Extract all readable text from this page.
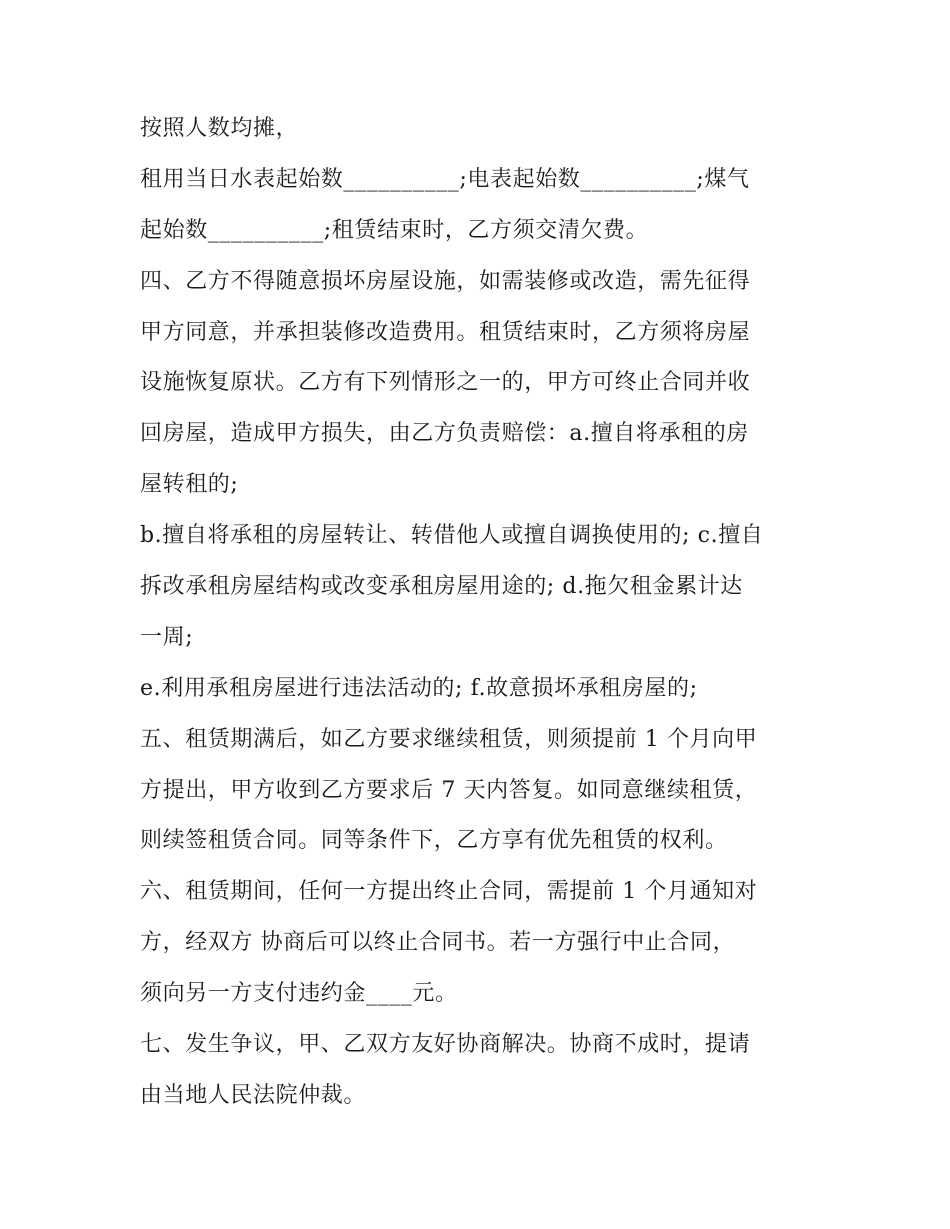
按照人数均摊，
租用当日水表起始数__________;电表起始数__________;煤气
起始数__________;租赁结束时，乙方须交清欠费。
四、乙方不得随意损坏房屋设施，如需装修或改造，需先征得
甲方同意，并承担装修改造费用。租赁结束时，乙方须将房屋
设施恢复原状。乙方有下列情形之一的，甲方可终止合同并收
回房屋，造成甲方损失，由乙方负责赔偿：a.擅自将承租的房
屋转租的;
b.擅自将承租的房屋转让、转借他人或擅自调换使用的; c.擅自
拆改承租房屋结构或改变承租房屋用途的; d.拖欠租金累计达
一周;
e.利用承租房屋进行违法活动的; f.故意损坏承租房屋的;
五、租赁期满后，如乙方要求继续租赁，则须提前 1 个月向甲
方提出，甲方收到乙方要求后 7 天内答复。如同意继续租赁，
则续签租赁合同。同等条件下，乙方享有优先租赁的权利。
六、租赁期间，任何一方提出终止合同，需提前 1 个月通知对
方，经双方 协商后可以终止合同书。若一方强行中止合同，
须向另一方支付违约金____元。
七、发生争议，甲、乙双方友好协商解决。协商不成时，提请
由当地人民法院仲裁。
